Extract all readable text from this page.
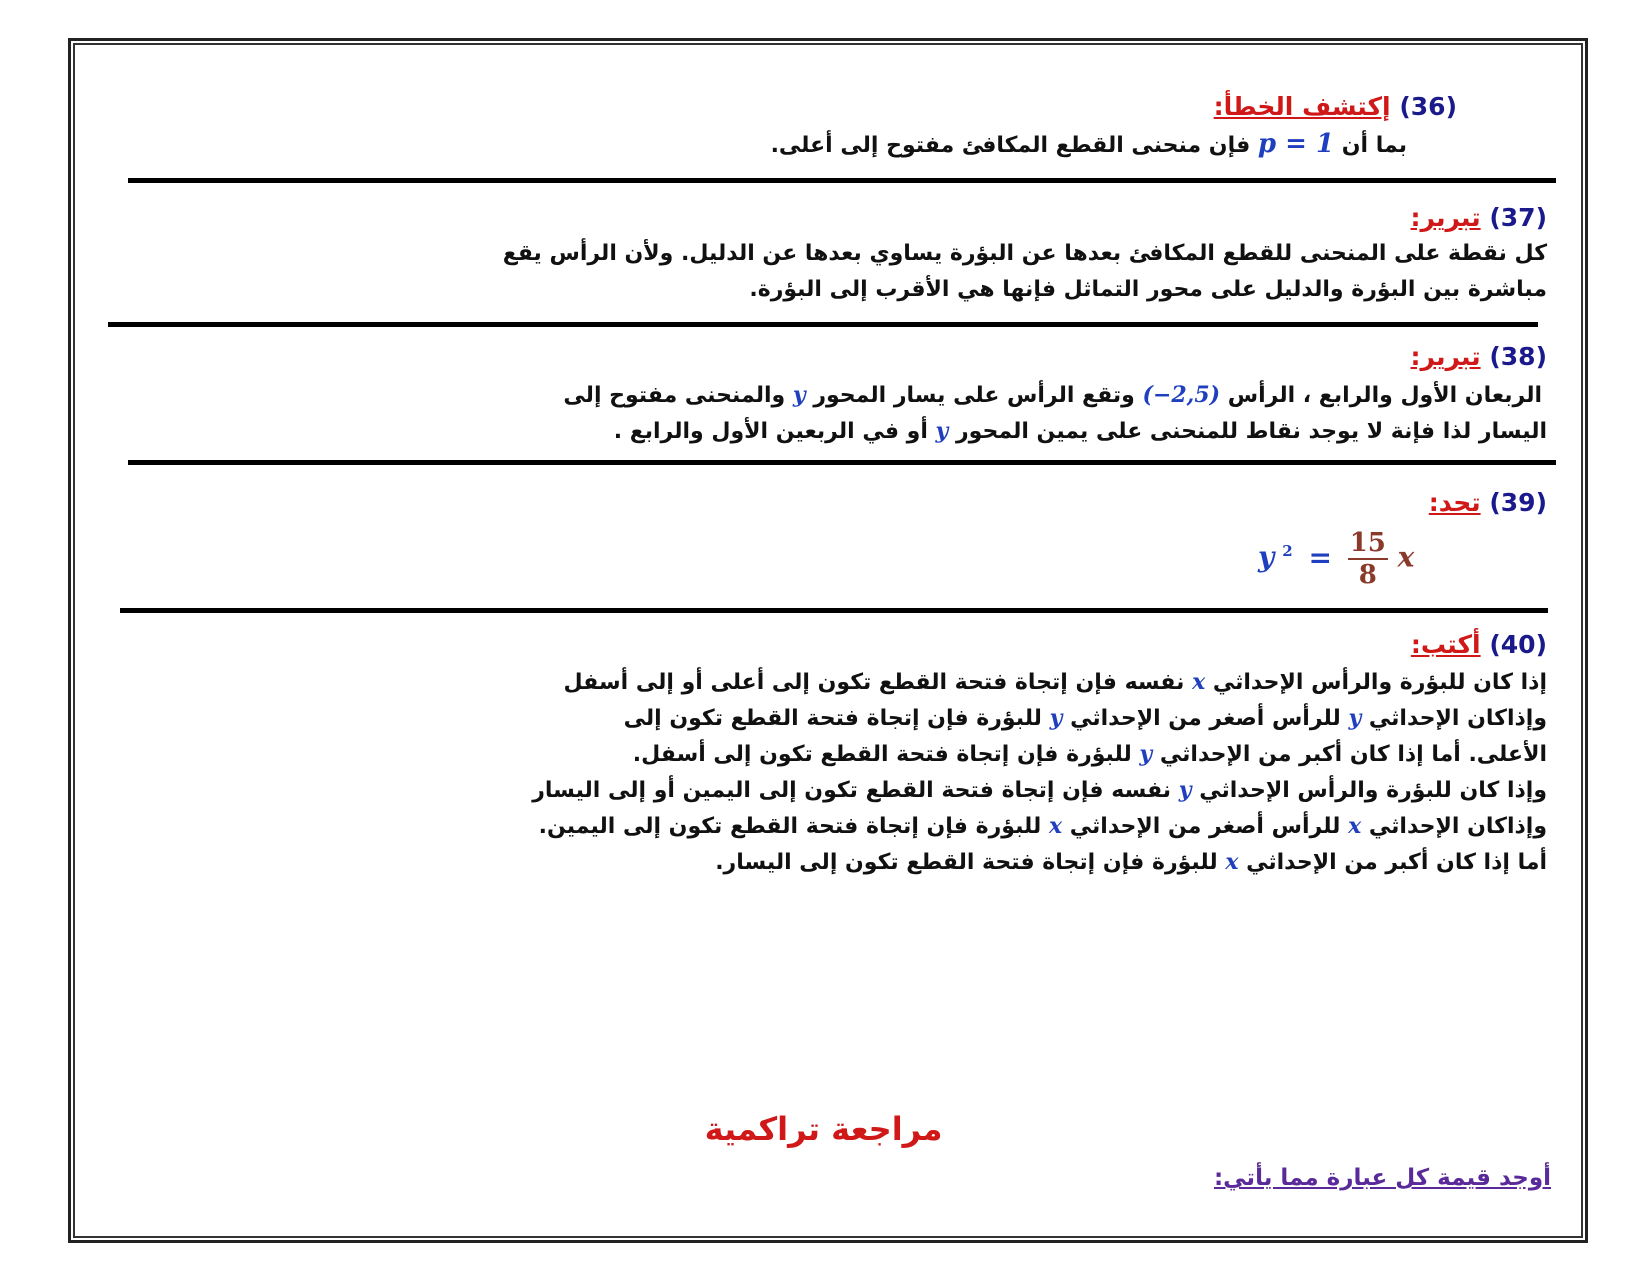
(36) إكتشف الخطأ:
بما أن p = 1 فإن منحنى القطع المكافئ مفتوح إلى أعلى.
(37) تبرير:
كل نقطة على المنحنى للقطع المكافئ بعدها عن البؤرة يساوي بعدها عن الدليل. ولأن الرأس يقع
مباشرة بين البؤرة والدليل على محور التماثل فإنها هي الأقرب إلى البؤرة.
(38) تبرير:
الربعان الأول والرابع ، الرأس (−2,5) وتقع الرأس على يسار المحور y والمنحنى مفتوح إلى
اليسار لذا فإنة لا يوجد نقاط للمنحنى على يمين المحور y أو في الربعين الأول والرابع .
(39) تحد:
y $^2 = \frac{15}{8}$ x
(40) أكتب:
إذا كان للبؤرة والرأس الإحداثي x نفسه فإن إتجاة فتحة القطع تكون إلى أعلى أو إلى أسفل
وإذاكان الإحداثي y للرأس أصغر من الإحداثي y للبؤرة فإن إتجاة فتحة القطع تكون إلى
الأعلى. أما إذا كان أكبر من الإحداثي y للبؤرة فإن إتجاة فتحة القطع تكون إلى أسفل.
وإذا كان للبؤرة والرأس الإحداثي y نفسه فإن إتجاة فتحة القطع تكون إلى اليمين أو إلى اليسار
وإذاكان الإحداثي x للرأس أصغر من الإحداثي x للبؤرة فإن إتجاة فتحة القطع تكون إلى اليمين.
أما إذا كان أكبر من الإحداثي x للبؤرة فإن إتجاة فتحة القطع تكون إلى اليسار.
مراجعة تراكمية
أوجد قيمة كل عبارة مما يأتي:
